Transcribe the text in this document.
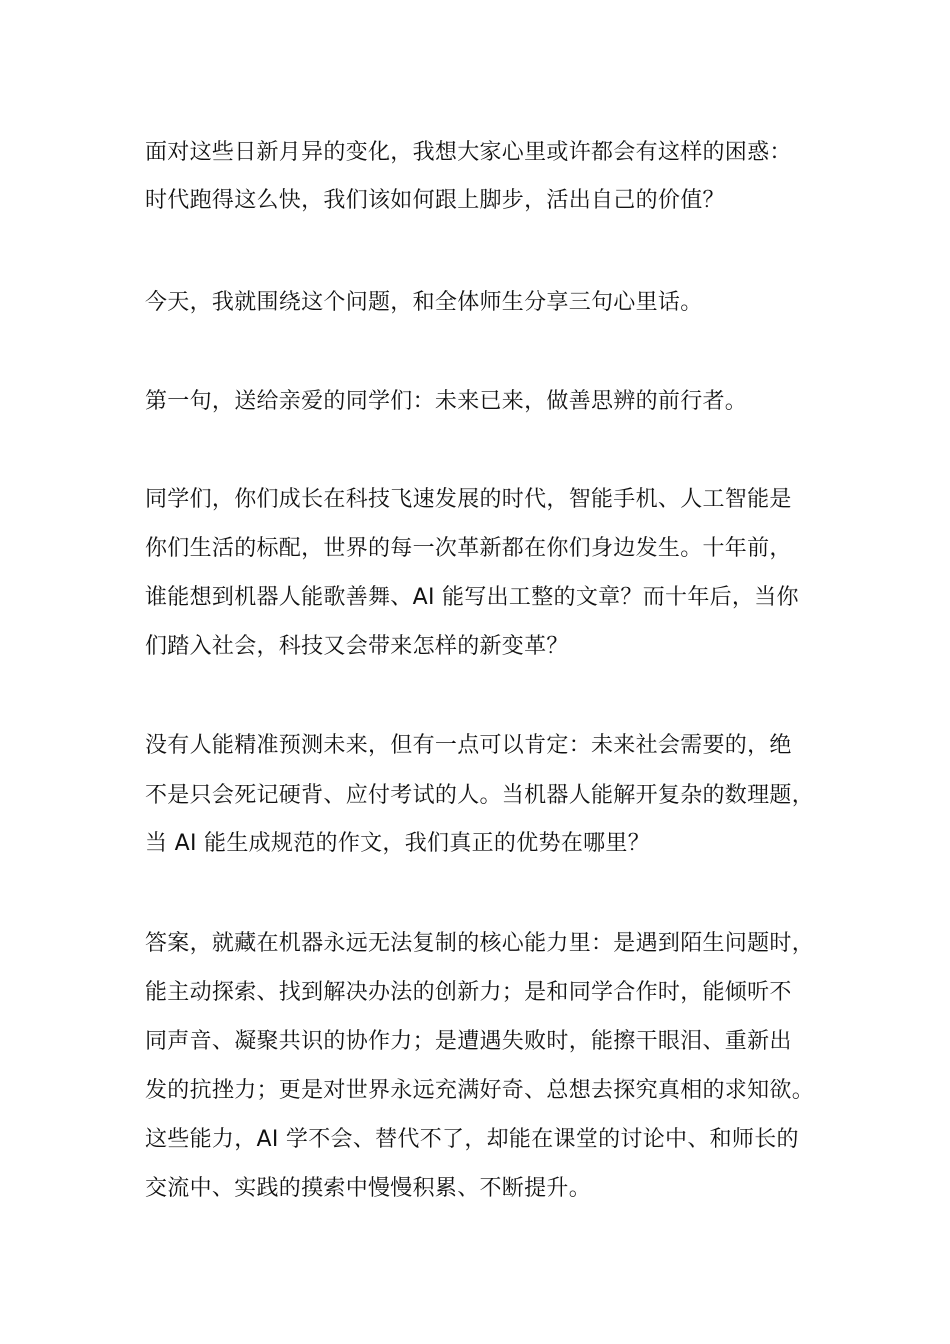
面对这些日新月异的变化，我想大家心里或许都会有这样的困惑：
时代跑得这么快，我们该如何跟上脚步，活出自己的价值？
今天，我就围绕这个问题，和全体师生分享三句心里话。
第一句，送给亲爱的同学们：未来已来，做善思辨的前行者。
同学们，你们成长在科技飞速发展的时代，智能手机、人工智能是
你们生活的标配，世界的每一次革新都在你们身边发生。十年前，
谁能想到机器人能歌善舞、AI 能写出工整的文章？而十年后，当你
们踏入社会，科技又会带来怎样的新变革？
没有人能精准预测未来，但有一点可以肯定：未来社会需要的，绝
不是只会死记硬背、应付考试的人。当机器人能解开复杂的数理题，
当 AI 能生成规范的作文，我们真正的优势在哪里？
答案，就藏在机器永远无法复制的核心能力里：是遇到陌生问题时，
能主动探索、找到解决办法的创新力；是和同学合作时，能倾听不
同声音、凝聚共识的协作力；是遭遇失败时，能擦干眼泪、重新出
发的抗挫力；更是对世界永远充满好奇、总想去探究真相的求知欲。
这些能力，AI 学不会、替代不了，却能在课堂的讨论中、和师长的
交流中、实践的摸索中慢慢积累、不断提升。
